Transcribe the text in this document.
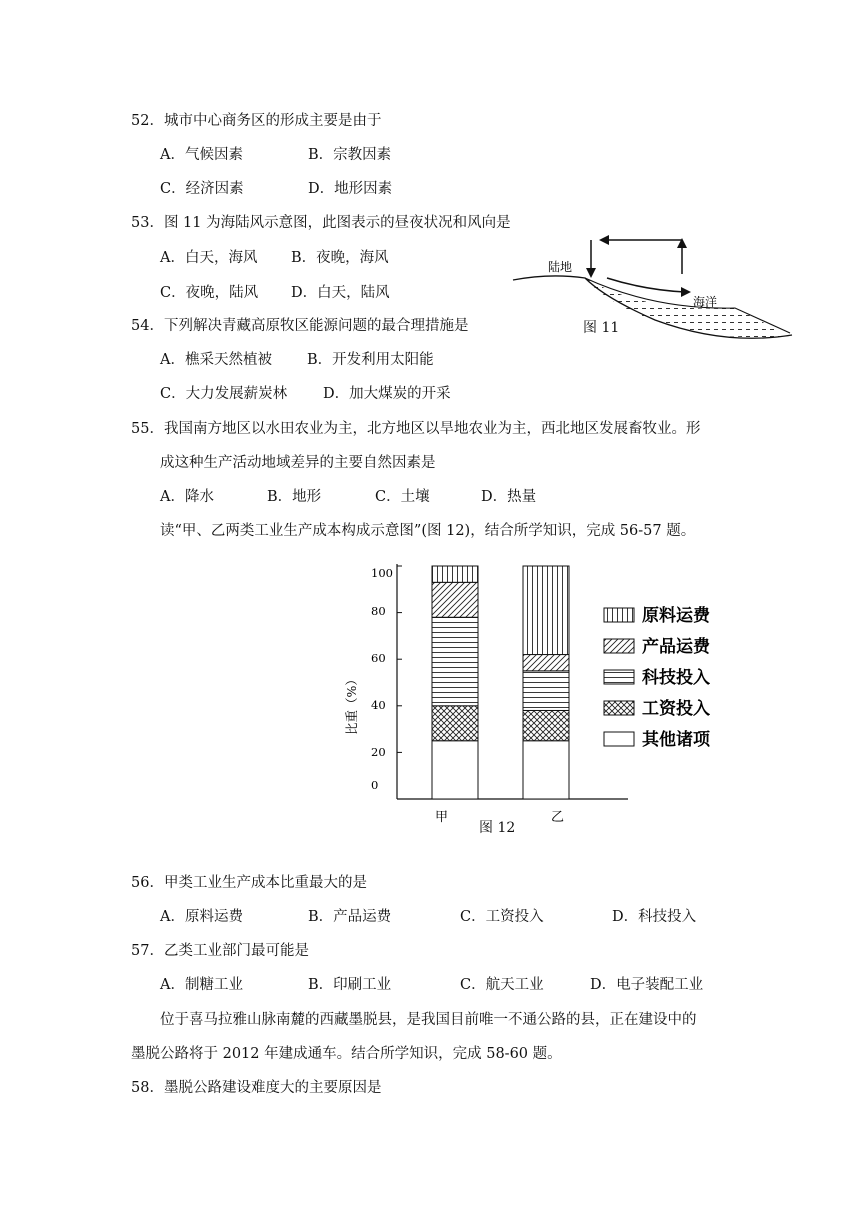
52．城市中心商务区的形成主要是由于
A．气候因素	B．宗教因素
C．经济因素	D．地形因素
53．图 11 为海陆风示意图，此图表示的昼夜状况和风向是
A．白天，海风 B．夜晚，海风
C．夜晚，陆风 D．白天，陆风
陆地
海洋
图 11
54．下列解决青藏高原牧区能源问题的最合理措施是
A．樵采天然植被 B．开发利用太阳能
C．大力发展薪炭林 D．加大煤炭的开采
55．我国南方地区以水田农业为主，北方地区以旱地农业为主，西北地区发展畜牧业。形
成这种生产活动地域差异的主要自然因素是
A．降水	B．地形	C．土壤	D．热量
读“甲、乙两类工业生产成本构成示意图”(图 12)，结合所学知识，完成 56-57 题。
0
20
40
60
80
100
比重（%）
甲	乙
原料运费
产品运费
科技投入
工资投入
其他诸项
图 12
56．甲类工业生产成本比重最大的是
A．原料运费	B．产品运费	C．工资投入	D．科技投入
57．乙类工业部门最可能是
A．制糖工业	B．印刷工业	C．航天工业	D．电子装配工业
位于喜马拉雅山脉南麓的西藏墨脱县，是我国目前唯一不通公路的县，正在建设中的
墨脱公路将于 2012 年建成通车。结合所学知识，完成 58-60 题。
58．墨脱公路建设难度大的主要原因是
